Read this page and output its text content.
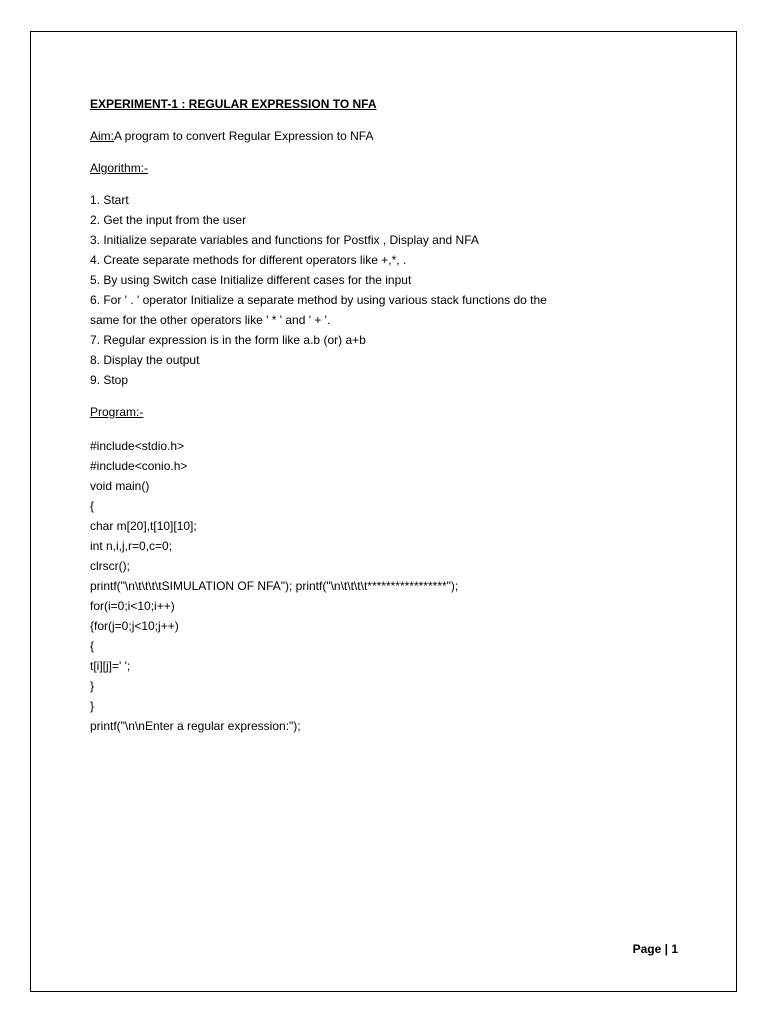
EXPERIMENT-1 : REGULAR EXPRESSION TO NFA

Aim:A program to convert Regular Expression to NFA

Algorithm:-

1. Start

2. Get the input from the user

3. Initialize separate variables and functions for Postfix , Display and NFA

4. Create separate methods for different operators like +,*, .

5. By using Switch case Initialize different cases for the input

6. For ' . ' operator Initialize a separate method by using various stack functions do the

same for the other operators like ' * ' and ' + '.

7. Regular expression is in the form like a.b (or) a+b

8. Display the output

9. Stop

Program:-

#include<stdio.h>

#include<conio.h>

void main()

{

char m[20],t[10][10];

int n,i,j,r=0,c=0;

clrscr();

printf("\n\t\t\t\tSIMULATION OF NFA"); printf("\n\t\t\t\t*****************");

for(i=0;i<10;i++)

{for(j=0;j<10;j++)

{

t[i][j]=' ';

}

}

printf("\n\nEnter a regular expression:");

Page | 1
